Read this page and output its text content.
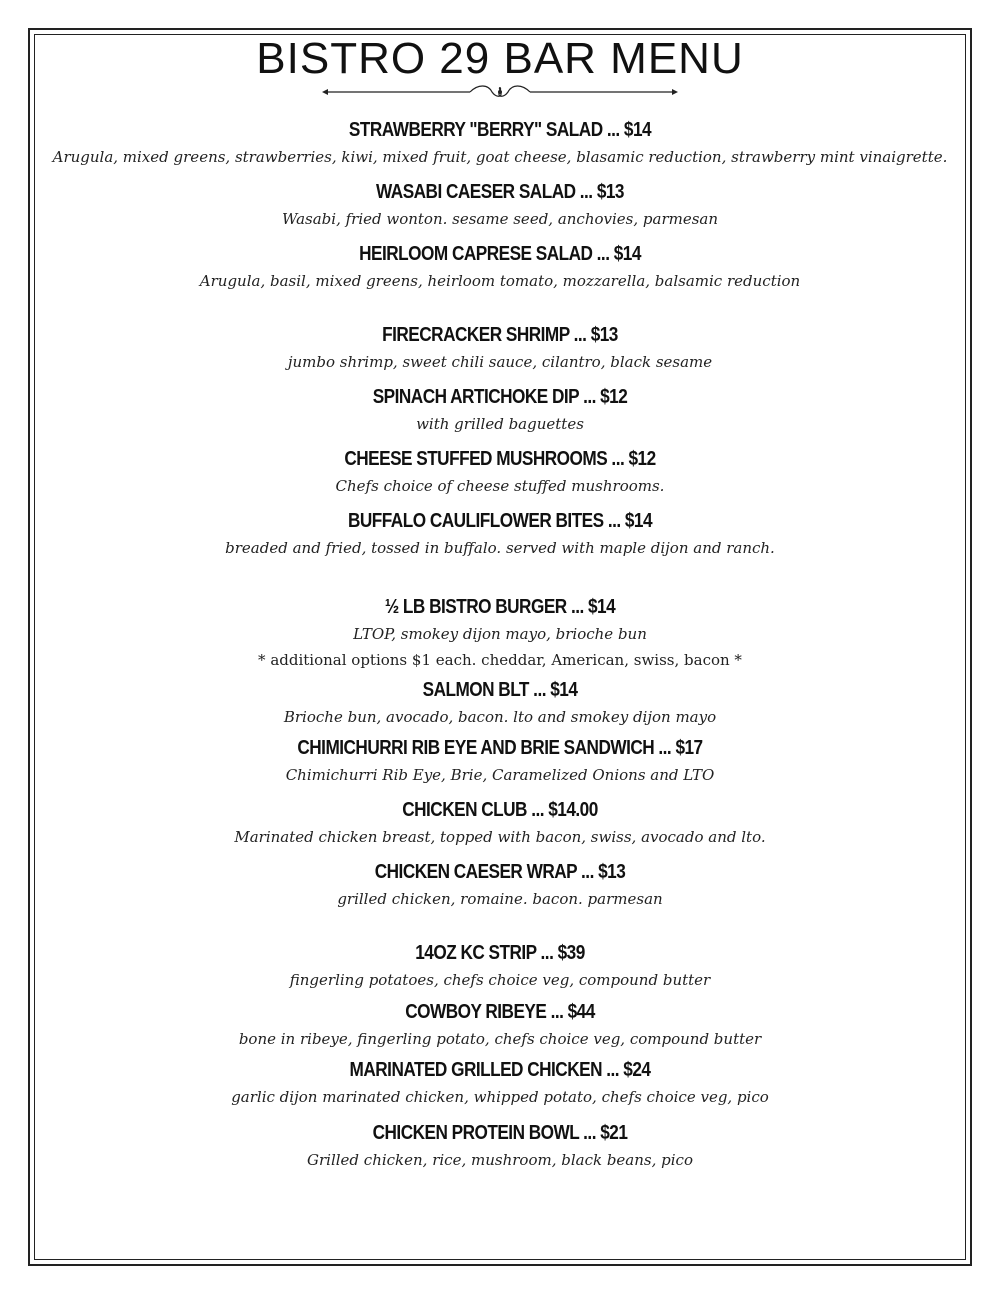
BISTRO 29 BAR MENU
STRAWBERRY "BERRY" SALAD ... $14
Arugula, mixed greens, strawberries, kiwi, mixed fruit, goat cheese, blasamic reduction, strawberry mint vinaigrette.
WASABI CAESER SALAD ... $13
Wasabi, fried wonton. sesame seed, anchovies, parmesan
HEIRLOOM CAPRESE SALAD ... $14
Arugula, basil, mixed greens, heirloom tomato, mozzarella, balsamic reduction
FIRECRACKER SHRIMP ... $13
jumbo shrimp, sweet chili sauce, cilantro, black sesame
SPINACH ARTICHOKE DIP ... $12
with grilled baguettes
CHEESE STUFFED MUSHROOMS ... $12
Chefs choice of cheese stuffed mushrooms.
BUFFALO CAULIFLOWER BITES ... $14
breaded and fried, tossed in buffalo. served with maple dijon and ranch.
½ LB BISTRO BURGER ... $14
LTOP, smokey dijon mayo, brioche bun
* additional options $1 each. cheddar, American, swiss, bacon *
SALMON BLT ... $14
Brioche bun, avocado, bacon. lto and smokey dijon mayo
CHIMICHURRI RIB EYE AND BRIE SANDWICH ... $17
Chimichurri Rib Eye, Brie, Caramelized Onions and LTO
CHICKEN CLUB ... $14.00
Marinated chicken breast, topped with bacon, swiss, avocado and lto.
CHICKEN CAESER WRAP ... $13
grilled chicken, romaine. bacon. parmesan
14OZ KC STRIP ... $39
fingerling potatoes, chefs choice veg, compound butter
COWBOY RIBEYE ... $44
bone in ribeye, fingerling potato, chefs choice veg, compound butter
MARINATED GRILLED CHICKEN ... $24
garlic dijon marinated chicken, whipped potato, chefs choice veg, pico
CHICKEN PROTEIN BOWL ... $21
Grilled chicken, rice, mushroom, black beans, pico
